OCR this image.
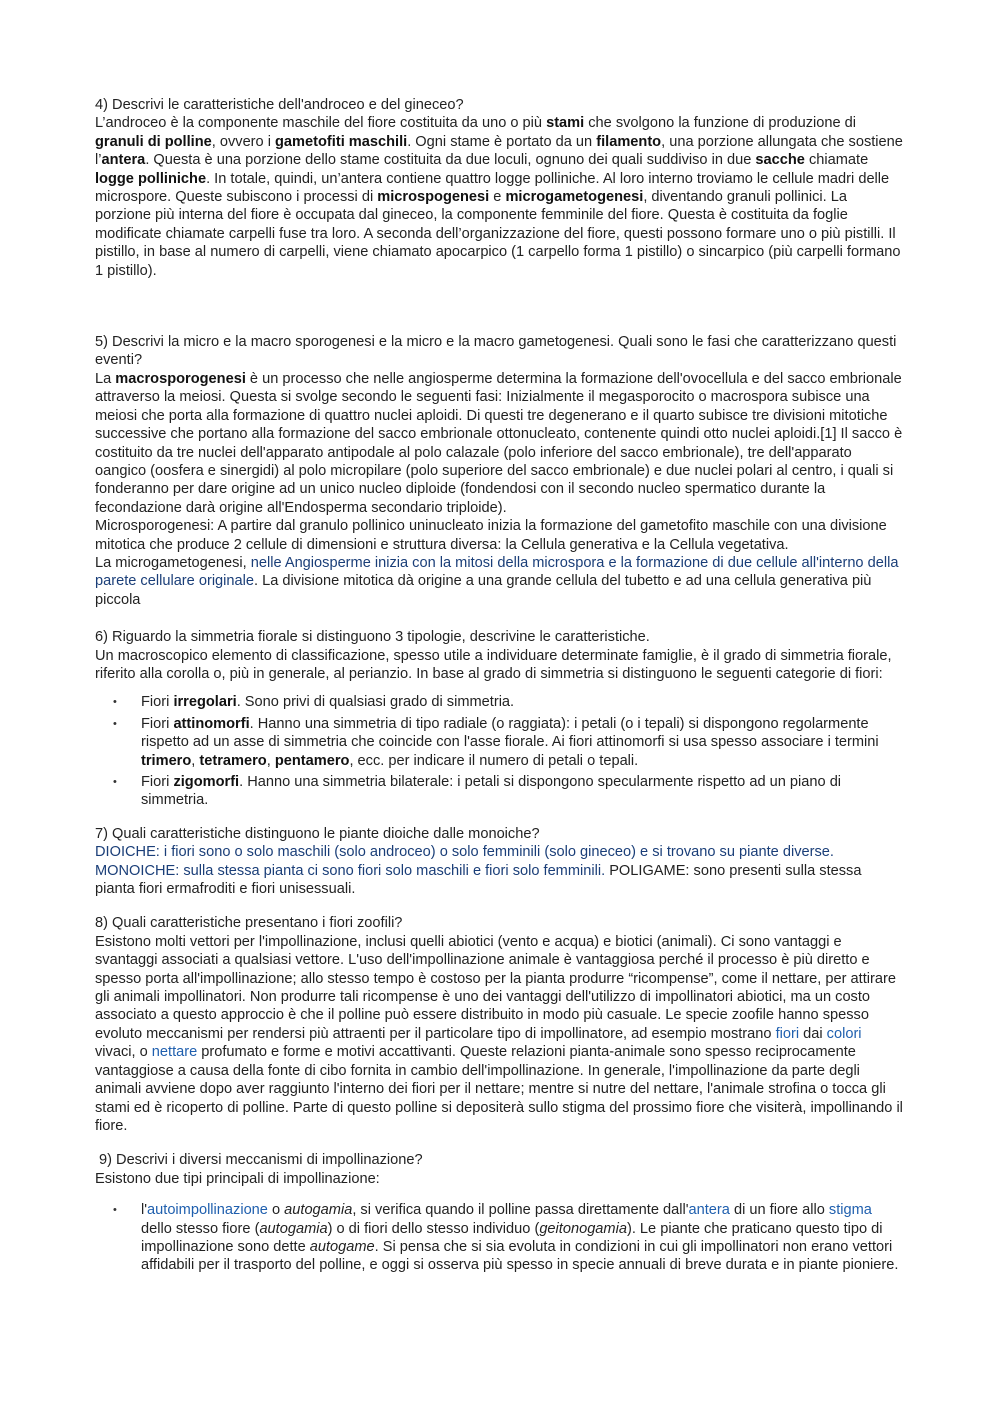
4) Descrivi le caratteristiche dell'androceo e del gineceo?

L’androceo è la componente maschile del fiore costituita da uno o più stami che svolgono la funzione di produzione di granuli di polline, ovvero i gametofiti maschili. Ogni stame è portato da un filamento, una porzione allungata che sostiene l’antera. Questa è una porzione dello stame costituita da due loculi, ognuno dei quali suddiviso in due sacche chiamate logge polliniche. In totale, quindi, un’antera contiene quattro logge polliniche. Al loro interno troviamo le cellule madri delle microspore. Queste subiscono i processi di microspogenesi e microgametogenesi, diventando granuli pollinici. La porzione più interna del fiore è occupata dal gineceo, la componente femminile del fiore. Questa è costituita da foglie modificate chiamate carpelli fuse tra loro. A seconda dell’organizzazione del fiore, questi possono formare uno o più pistilli. Il pistillo, in base al numero di carpelli, viene chiamato apocarpico (1 carpello forma 1 pistillo) o sincarpico (più carpelli formano 1 pistillo).

5) Descrivi la micro e la macro sporogenesi e la micro e la macro gametogenesi. Quali sono le fasi che caratterizzano questi eventi?

La macrosporogenesi è un processo che nelle angiosperme determina la formazione dell'ovocellula e del sacco embrionale attraverso la meiosi. Questa si svolge secondo le seguenti fasi: Inizialmente il megasporocito o macrospora subisce una meiosi che porta alla formazione di quattro nuclei aploidi. Di questi tre degenerano e il quarto subisce tre divisioni mitotiche successive che portano alla formazione del sacco embrionale ottonucleato, contenente quindi otto nuclei aploidi.[1] Il sacco è costituito da tre nuclei dell'apparato antipodale al polo calazale (polo inferiore del sacco embrionale), tre dell'apparato oangico (oosfera e sinergidi) al polo micropilare (polo superiore del sacco embrionale) e due nuclei polari al centro, i quali si fonderanno per dare origine ad un unico nucleo diploide (fondendosi con il secondo nucleo spermatico durante la fecondazione darà origine all'Endosperma secondario triploide).

Microsporogenesi: A partire dal granulo pollinico uninucleato inizia la formazione del gametofito maschile con una divisione mitotica che produce 2 cellule di dimensioni e struttura diversa: la Cellula generativa e la Cellula vegetativa.

La microgametogenesi, nelle Angiosperme inizia con la mitosi della microspora e la formazione di due cellule all'interno della parete cellulare originale. La divisione mitotica dà origine a una grande cellula del tubetto e ad una cellula generativa più piccola

6) Riguardo la simmetria fiorale si distinguono 3 tipologie, descrivine le caratteristiche.

Un macroscopico elemento di classificazione, spesso utile a individuare determinate famiglie, è il grado di simmetria fiorale, riferito alla corolla o, più in generale, al perianzio. In base al grado di simmetria si distinguono le seguenti categorie di fiori:

• Fiori irregolari. Sono privi di qualsiasi grado di simmetria.
• Fiori attinomorfi. Hanno una simmetria di tipo radiale (o raggiata): i petali (o i tepali) si dispongono regolarmente rispetto ad un asse di simmetria che coincide con l'asse fiorale. Ai fiori attinomorfi si usa spesso associare i termini trimero, tetramero, pentamero, ecc. per indicare il numero di petali o tepali.
• Fiori zigomorfi. Hanno una simmetria bilaterale: i petali si dispongono specularmente rispetto ad un piano di simmetria.

7) Quali caratteristiche distinguono le piante dioiche dalle monoiche?

DIOICHE: i fiori sono o solo maschili (solo androceo) o solo femminili (solo gineceo) e si trovano su piante diverse. MONOICHE: sulla stessa pianta ci sono fiori solo maschili e fiori solo femminili. POLIGAME: sono presenti sulla stessa pianta fiori ermafroditi e fiori unisessuali.

8) Quali caratteristiche presentano i fiori zoofili?

Esistono molti vettori per l'impollinazione, inclusi quelli abiotici (vento e acqua) e biotici (animali). Ci sono vantaggi e svantaggi associati a qualsiasi vettore. L'uso dell'impollinazione animale è vantaggiosa perché il processo è più diretto e spesso porta all'impollinazione; allo stesso tempo è costoso per la pianta produrre “ricompense”, come il nettare, per attirare gli animali impollinatori. Non produrre tali ricompense è uno dei vantaggi dell'utilizzo di impollinatori abiotici, ma un costo associato a questo approccio è che il polline può essere distribuito in modo più casuale. Le specie zoofile hanno spesso evoluto meccanismi per rendersi più attraenti per il particolare tipo di impollinatore, ad esempio mostrano fiori dai colori vivaci, o nettare profumato e forme e motivi accattivanti. Queste relazioni pianta-animale sono spesso reciprocamente vantaggiose a causa della fonte di cibo fornita in cambio dell'impollinazione. In generale, l'impollinazione da parte degli animali avviene dopo aver raggiunto l'interno dei fiori per il nettare; mentre si nutre del nettare, l'animale strofina o tocca gli stami ed è ricoperto di polline. Parte di questo polline si depositerà sullo stigma del prossimo fiore che visiterà, impollinando il fiore.

9) Descrivi i diversi meccanismi di impollinazione?

Esistono due tipi principali di impollinazione:

• l'autoimpollinazione o autogamia, si verifica quando il polline passa direttamente dall'antera di un fiore allo stigma dello stesso fiore (autogamia) o di fiori dello stesso individuo (geitonogamia). Le piante che praticano questo tipo di impollinazione sono dette autogame. Si pensa che si sia evoluta in condizioni in cui gli impollinatori non erano vettori affidabili per il trasporto del polline, e oggi si osserva più spesso in specie annuali di breve durata e in piante pioniere.
